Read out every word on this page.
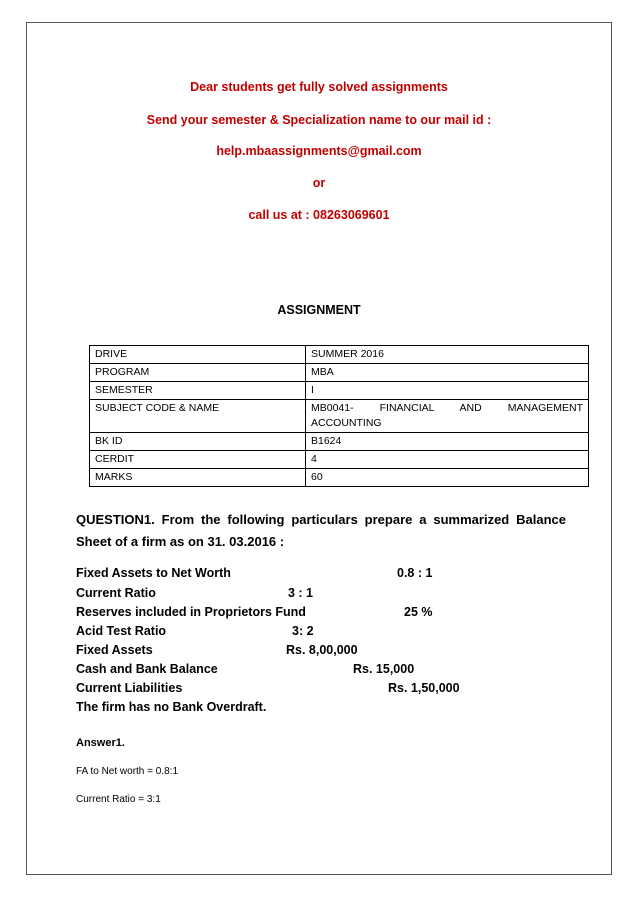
Dear students get fully solved assignments
Send your semester & Specialization name to our mail id :
help.mbaassignments@gmail.com
or
call us at : 08263069601
ASSIGNMENT
DRIVE	SUMMER 2016
PROGRAM	MBA
SEMESTER	I
SUBJECT CODE & NAME	MB0041- FINANCIAL AND MANAGEMENT ACCOUNTING
BK ID	B1624
CERDIT	4
MARKS	60
QUESTION1. From the following particulars prepare a summarized Balance
Sheet of a firm as on 31. 03.2016 :
Fixed Assets to Net Worth	0.8 : 1
Current Ratio	3 : 1
Reserves included in Proprietors Fund	25 %
Acid Test Ratio	3: 2
Fixed Assets	Rs. 8,00,000
Cash and Bank Balance	Rs. 15,000
Current Liabilities	Rs. 1,50,000
The firm has no Bank Overdraft.
Answer1.
FA to Net worth = 0.8:1
Current Ratio = 3:1
